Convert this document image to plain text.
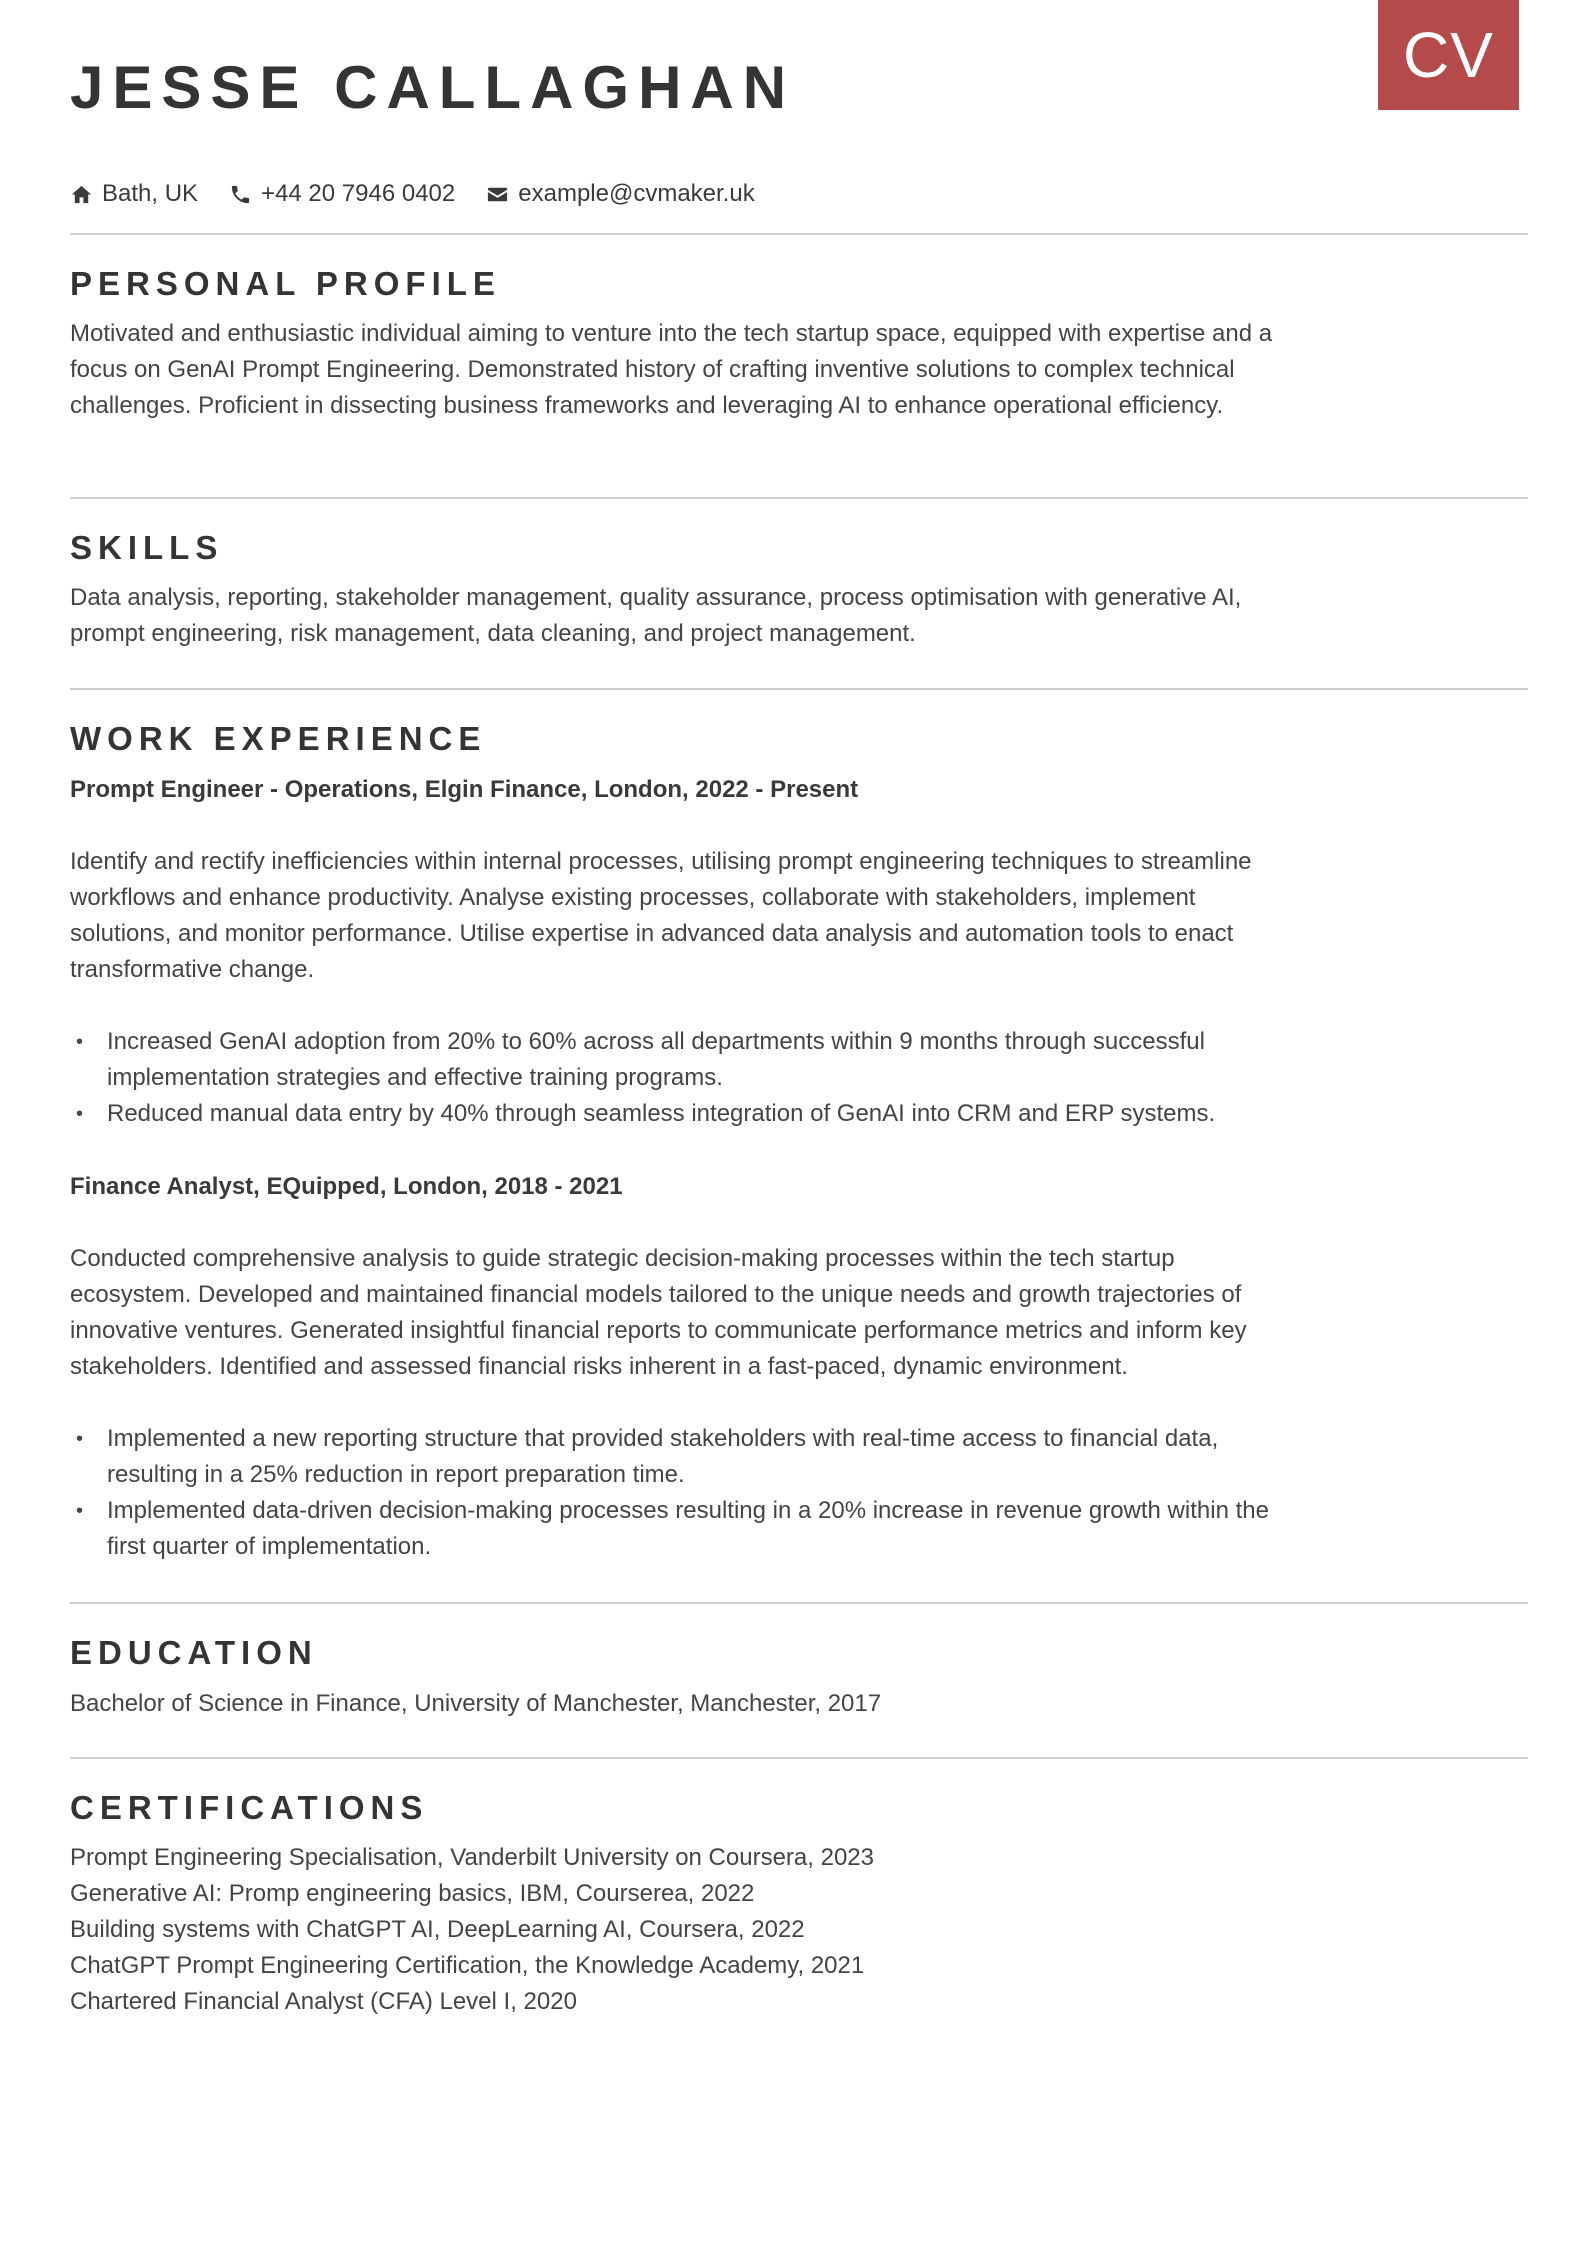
CV
JESSE CALLAGHAN
Bath, UK	+44 20 7946 0402	example@cvmaker.uk
PERSONAL PROFILE

Motivated and enthusiastic individual aiming to venture into the tech startup space, equipped with expertise and a focus on GenAI Prompt Engineering. Demonstrated history of crafting inventive solutions to complex technical challenges. Proficient in dissecting business frameworks and leveraging AI to enhance operational efficiency.

SKILLS

Data analysis, reporting, stakeholder management, quality assurance, process optimisation with generative AI, prompt engineering, risk management, data cleaning, and project management.

WORK EXPERIENCE

Prompt Engineer - Operations, Elgin Finance, London, 2022 - Present

Identify and rectify inefficiencies within internal processes, utilising prompt engineering techniques to streamline workflows and enhance productivity. Analyse existing processes, collaborate with stakeholders, implement solutions, and monitor performance. Utilise expertise in advanced data analysis and automation tools to enact transformative change.

• Increased GenAI adoption from 20% to 60% across all departments within 9 months through successful implementation strategies and effective training programs.
• Reduced manual data entry by 40% through seamless integration of GenAI into CRM and ERP systems.

Finance Analyst, EQuipped, London, 2018 - 2021

Conducted comprehensive analysis to guide strategic decision-making processes within the tech startup ecosystem. Developed and maintained financial models tailored to the unique needs and growth trajectories of innovative ventures. Generated insightful financial reports to communicate performance metrics and inform key stakeholders. Identified and assessed financial risks inherent in a fast-paced, dynamic environment.

• Implemented a new reporting structure that provided stakeholders with real-time access to financial data, resulting in a 25% reduction in report preparation time.
• Implemented data-driven decision-making processes resulting in a 20% increase in revenue growth within the first quarter of implementation.
EDUCATION

Bachelor of Science in Finance, University of Manchester, Manchester, 2017

CERTIFICATIONS
Prompt Engineering Specialisation, Vanderbilt University on Coursera, 2023
Generative AI: Promp engineering basics, IBM, Courserea, 2022
Building systems with ChatGPT AI, DeepLearning AI, Coursera, 2022
ChatGPT Prompt Engineering Certification, the Knowledge Academy, 2021
Chartered Financial Analyst (CFA) Level I, 2020
